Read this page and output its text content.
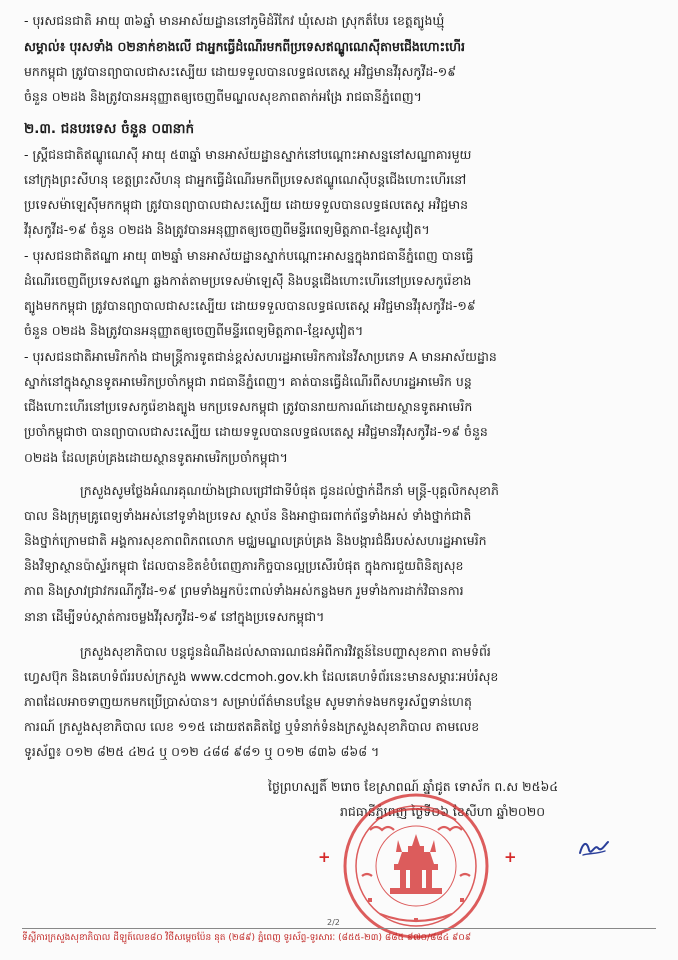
- បុរសជនជាតិ អាយុ ៣៦ឆ្នាំ មានអាស័យដ្ឋាននៅភូមិដំរីកែវ ឃុំសេដា ស្រុកត៏បែរ ខេត្តត្បូងឃ្មុំ
សម្គាល់៖ បុរសទាំង ០២នាក់ខាងលើ ជាអ្នកធ្វើដំណើរមកពីប្រទេសឥណ្ឌូណេស៊ីតាមជើងហោះហើរ
មកកម្ពុជា ត្រូវបានព្យាបាលជាសះស្បើយ ដោយទទួលបានលទ្ធផលតេស្ត អវិជ្ជមានវីរុសកូវីដ-១៩
ចំនួន ០២ដង និងត្រូវបានអនុញ្ញាតឲ្យចេញពីមណ្ឌលសុខភាពតាក់អង្រែ រាជធានីភ្នំពេញ។
២.៣. ជនបរទេស ចំនួន ០៣នាក់
- ស្ត្រីជនជាតិឥណ្ឌូណេស៊ី អាយុ ៥៣ឆ្នាំ មានអាស័យដ្ឋានស្នាក់នៅបណ្តោះអាសន្ននៅសណ្ឋាគារមួយ
នៅក្រុងព្រះសីហនុ ខេត្តព្រះសីហនុ ជាអ្នកធ្វើដំណើរមកពីប្រទេសឥណ្ឌូណេស៊ីបន្តជើងហោះហើរនៅ
ប្រទេសម៉ាឡេស៊ីមកកម្ពុជា ត្រូវបានព្យាបាលជាសះស្បើយ ដោយទទួលបានលទ្ធផលតេស្ត អវិជ្ជមាន
វីរុសកូវីដ-១៩ ចំនួន ០២ដង និងត្រូវបានអនុញ្ញាតឲ្យចេញពីមន្ទីរពេទ្យមិត្តភាព-ខ្មែរសូវៀត។
- បុរសជនជាតិឥណ្ឌា អាយុ ៣២ឆ្នាំ មានអាស័យដ្ឋានស្នាក់បណ្តោះអាសន្នក្នុងរាជធានីភ្នំពេញ បានធ្វើ
ដំណើរចេញពីប្រទេសឥណ្ឌា ឆ្លងកាត់តាមប្រទេសម៉ាឡេស៊ី និងបន្តជើងហោះហើរនៅប្រទេសកូរ៉េខាង
ត្បូងមកកម្ពុជា ត្រូវបានព្យាបាលជាសះស្បើយ ដោយទទួលបានលទ្ធផលតេស្ត អវិជ្ជមានវីរុសកូវីដ-១៩
ចំនួន ០២ដង និងត្រូវបានអនុញ្ញាតឲ្យចេញពីមន្ទីរពេទ្យមិត្តភាព-ខ្មែរសូវៀត។
- បុរសជនជាតិអាមេរិកកាំង ជាមន្រ្តីការទូតជាន់ខ្ពស់សហរដ្ឋអាមេរិកការនៃវីសាប្រភេទ A មានអាស័យដ្ឋាន
ស្នាក់នៅក្នុងស្ថានទូតអាមេរិកប្រចាំកម្ពុជា រាជធានីភ្នំពេញ។ គាត់បានធ្វើដំណើរពីសហរដ្ឋអាមេរិក បន្ត
ជើងហោះហើរនៅប្រទេសកូរ៉េខាងត្បូង មកប្រទេសកម្ពុជា ត្រូវបានរាយការណ៍ដោយស្ថានទូតអាមេរិក
ប្រចាំកម្ពុជាថា បានព្យាបាលជាសះស្បើយ ដោយទទួលបានលទ្ធផលតេស្ត អវិជ្ជមានវីរុសកូវីដ-១៩ ចំនួន
០២ដង ដែលគ្រប់គ្រងដោយស្ថានទូតអាមេរិកប្រចាំកម្ពុជា។
ក្រសួងសូមថ្លែងអំណរគុណយ៉ាងជ្រាលជ្រៅជាទីបំផុត ជូនដល់ថ្នាក់ដឹកនាំ មន្ត្រី-បុគ្គលិកសុខាភិ
បាល និងក្រុមគ្រូពេទ្យទាំងអស់នៅទូទាំងប្រទេស ស្ថាប័ន និងអាជ្ញាធរពាក់ព័ន្ធទាំងអស់ ទាំងថ្នាក់ជាតិ
និងថ្នាក់ក្រោមជាតិ អង្គការសុខភាពពិភពលោក មជ្ឈមណ្ឌលគ្រប់គ្រង និងបង្ការជំងឺរបស់សហរដ្ឋអាមេរិក
និងវិទ្យាស្ថានប៉ាស្ទ័រកម្ពុជា ដែលបានខិតខំបំពេញភារកិច្ចបានល្អប្រសើរបំផុត ក្នុងការជួយពិនិត្យសុខ
ភាព និងស្រាវជ្រាវករណីកូវីដ-១៩ ព្រមទាំងអ្នកប៉ះពាល់ទាំងអស់កន្លងមក រួមទាំងការដាក់វិធានការ
នានា ដើម្បីទប់ស្កាត់ការចម្លងវីរុសកូវីដ-១៩ នៅក្នុងប្រទេសកម្ពុជា។
ក្រសួងសុខាភិបាល បន្តជូនដំណឹងដល់សាធារណជនអំពីការវិវត្តន៍នៃបញ្ហាសុខភាព តាមទំព័រ
ហ្វេសប៊ុក និងគេហទំព័ររបស់ក្រសួង www.cdcmoh.gov.kh ដែលគេហទំព័រនេះមានសម្ភារៈអប់រំសុខ
ភាពដែលអាចទាញយកមកប្រើប្រាស់បាន។ សម្រាប់ព័ត៌មានបន្ថែម សូមទាក់ទងមកទូរស័ព្ទទាន់ហេតុ
ការណ៍ ក្រសួងសុខាភិបាល លេខ ១១៥ ដោយឥតគិតថ្លៃ ឬទំនាក់ទំនងក្រសួងសុខាភិបាល តាមលេខ
ទូរស័ព្ទ៖ ០១២ ៨២៥ ៤២៤ ឬ ០១២ ៤៨៨ ៩៨១ ឬ ០១២ ៨៣៦ ៨៦៨ ។
ថ្ងៃព្រហស្បតិ៍ ២រោច ខែស្រាពណ៍ ឆ្នាំជូត ទោស័ក ព.ស ២៥៦៤
រាជធានីភ្នំពេញ ថ្ងៃទី០៦ ខែសីហា ឆ្នាំ២០២០
+	+
2/2
ទីស្តីការក្រសួងសុខាភិបាល ដីឡូត៍លេខ៨០ វិថីសម្ដេចប៉ែន នុត (២៨៩) ភ្នំពេញ ទូរស័ព្ទ-ទូរសារៈ (៨៥៥-២៣) ៨៨៥ ៩៧០/៨៨៤ ៩០៩
